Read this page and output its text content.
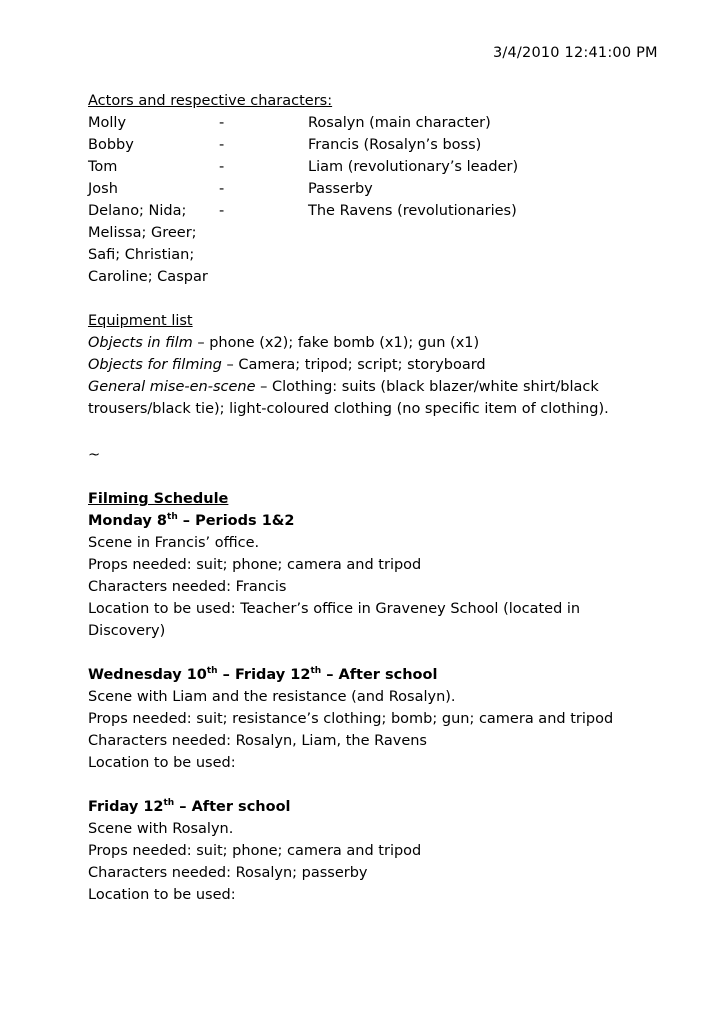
3/4/2010 12:41:00 PM
Actors and respective characters:
Molly	-	Rosalyn (main character)
Bobby	-	Francis (Rosalyn’s boss)
Tom	-	Liam (revolutionary’s leader)
Josh	-	Passerby
Delano; Nida;	-	The Ravens (revolutionaries)
Melissa; Greer;
Safi; Christian;
Caroline; Caspar
Equipment list
Objects in film – phone (x2); fake bomb (x1); gun (x1)
Objects for filming – Camera; tripod; script; storyboard
General mise-en-scene – Clothing: suits (black blazer/white shirt/black trousers/black tie); light-coloured clothing (no specific item of clothing).
~
Filming Schedule
Monday 8th – Periods 1&2
Scene in Francis’ office.
Props needed: suit; phone; camera and tripod
Characters needed: Francis
Location to be used: Teacher’s office in Graveney School (located in Discovery)
Wednesday 10th – Friday 12th – After school
Scene with Liam and the resistance (and Rosalyn).
Props needed: suit; resistance’s clothing; bomb; gun; camera and tripod
Characters needed: Rosalyn, Liam, the Ravens
Location to be used:
Friday 12th – After school
Scene with Rosalyn.
Props needed: suit; phone; camera and tripod
Characters needed: Rosalyn; passerby
Location to be used:
